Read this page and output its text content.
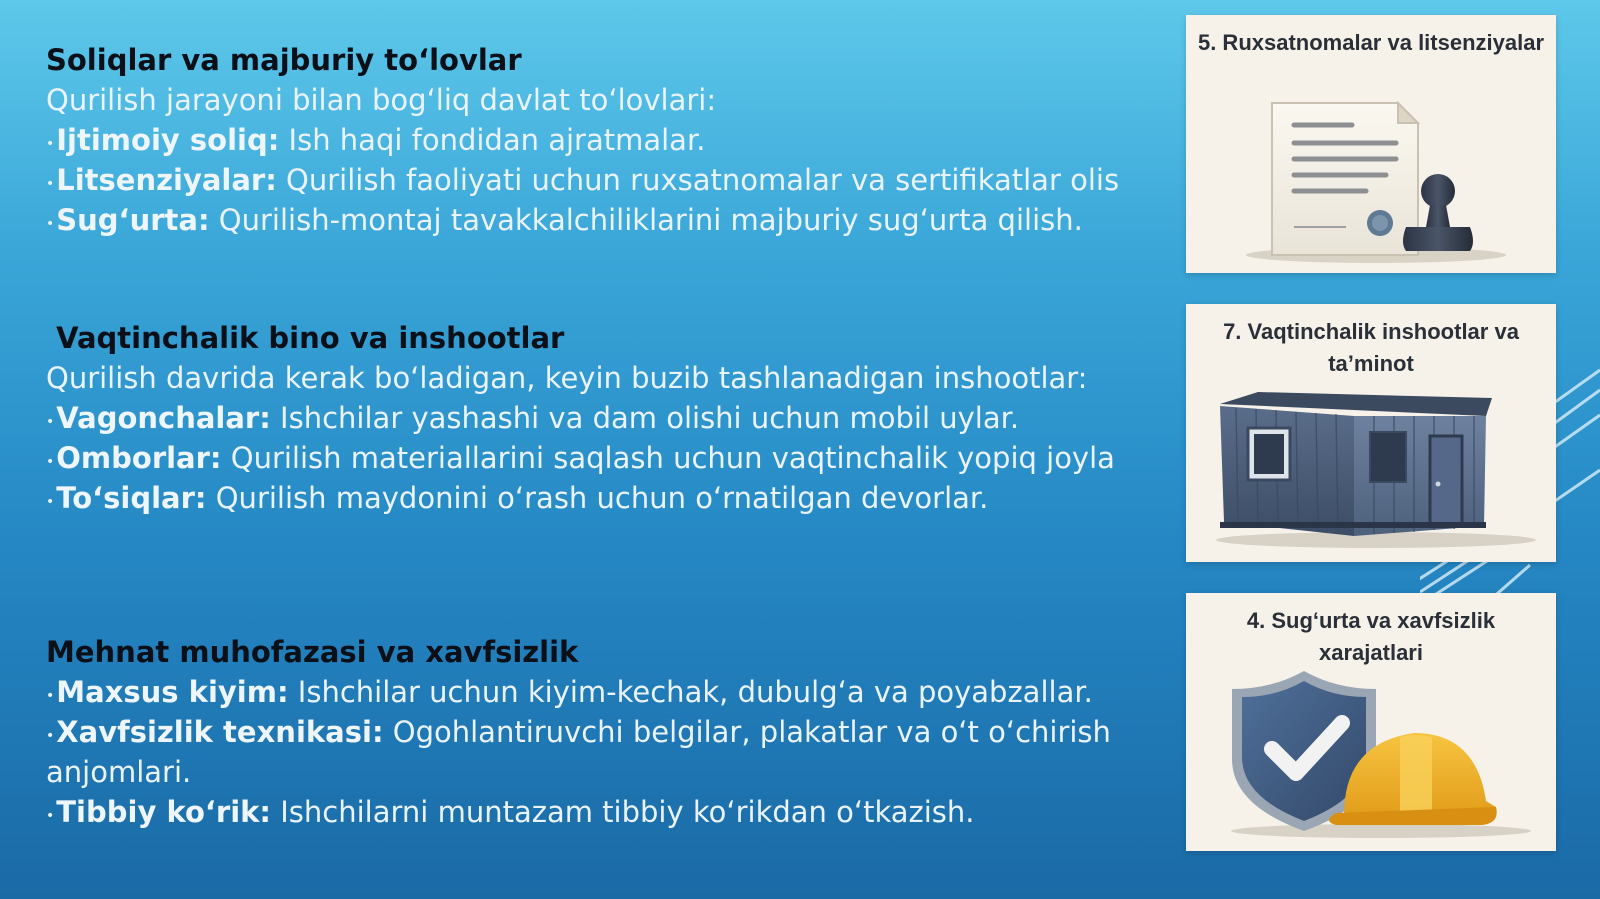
Soliqlar va majburiy to‘lovlar
Qurilish jarayoni bilan bog‘liq davlat to‘lovlari:
•Ijtimoiy soliq: Ish haqi fondidan ajratmalar.
•Litsenziyalar: Qurilish faoliyati uchun ruxsatnomalar va sertifikatlar olis
•Sug‘urta: Qurilish-montaj tavakkalchiliklarini majburiy sug‘urta qilish.
Vaqtinchalik bino va inshootlar
Qurilish davrida kerak bo‘ladigan, keyin buzib tashlanadigan inshootlar:
•Vagonchalar: Ishchilar yashashi va dam olishi uchun mobil uylar.
•Omborlar: Qurilish materiallarini saqlash uchun vaqtinchalik yopiq joyla
•To‘siqlar: Qurilish maydonini o‘rash uchun o‘rnatilgan devorlar.
Mehnat muhofazasi va xavfsizlik
•Maxsus kiyim: Ishchilar uchun kiyim-kechak, dubulg‘a va poyabzallar.
•Xavfsizlik texnikasi: Ogohlantiruvchi belgilar, plakatlar va o‘t o‘chirish anjomlari.
•Tibbiy ko‘rik: Ishchilarni muntazam tibbiy ko‘rikdan o‘tkazish.
5. Ruxsatnomalar va litsenziyalar
7. Vaqtinchalik inshootlar va ta’minot
4. Sug‘urta va xavfsizlik xarajatlari
